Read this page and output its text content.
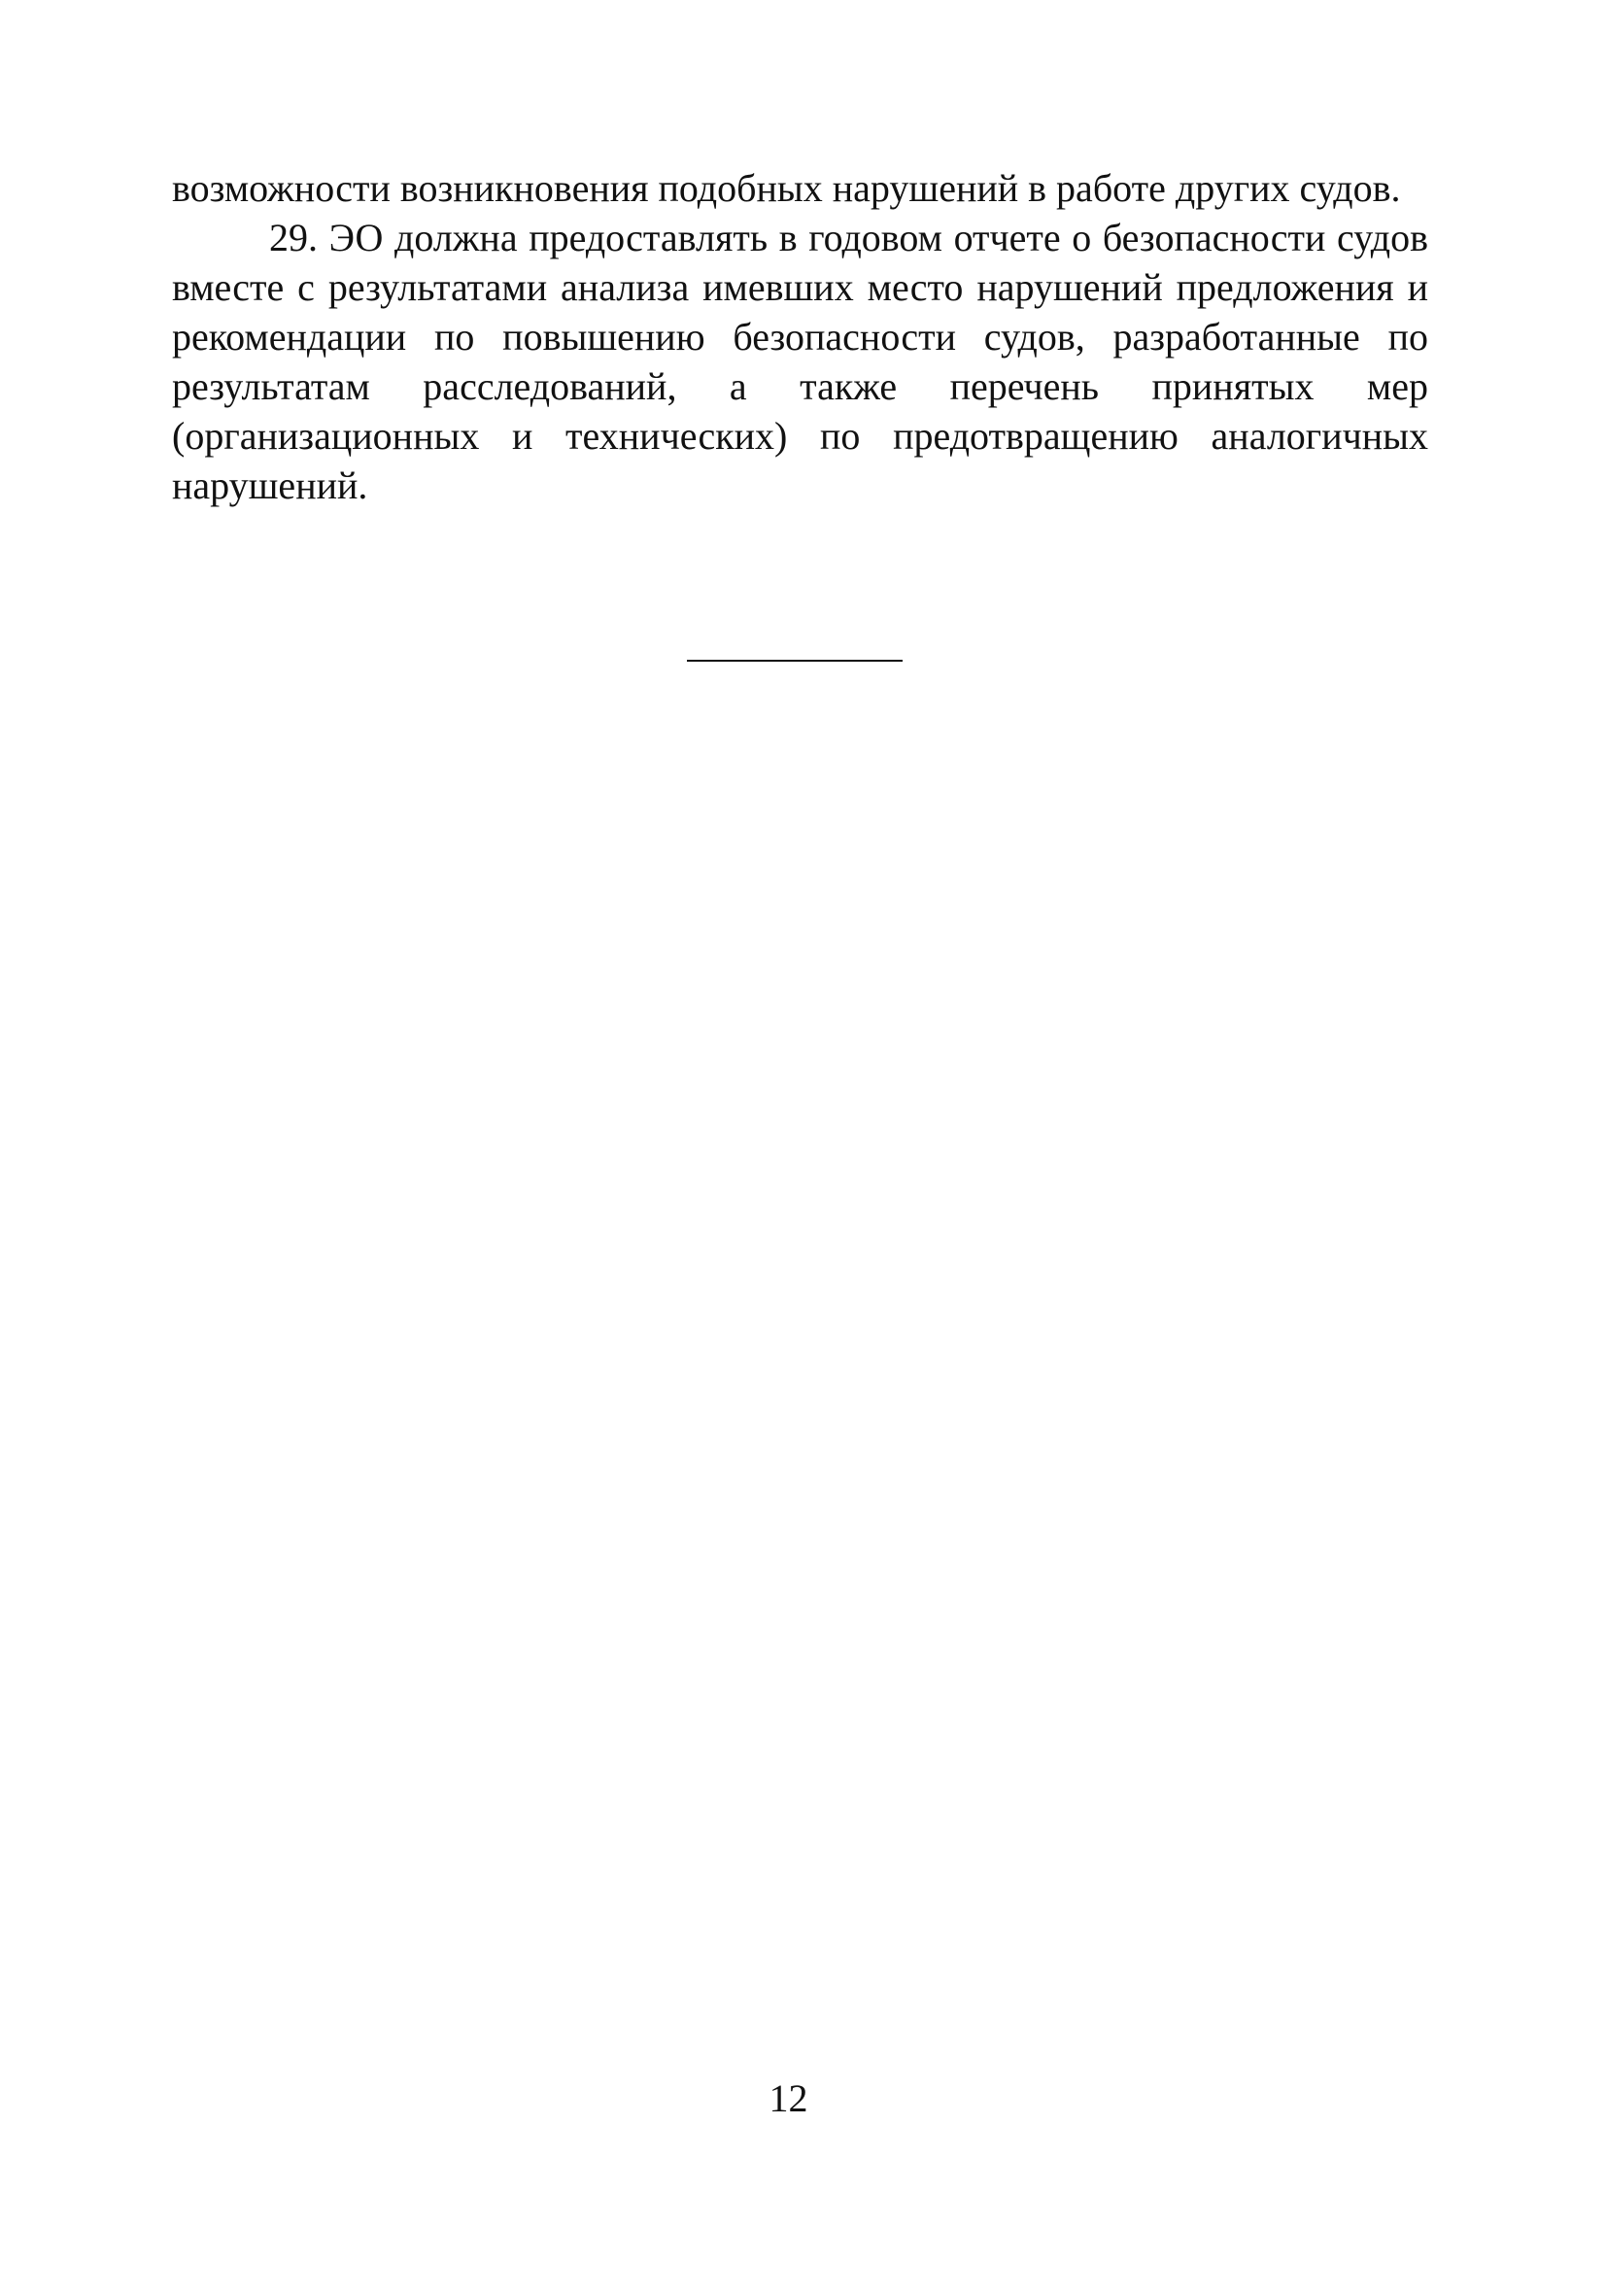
возможности возникновения подобных нарушений в работе других судов.

29. ЭО должна предоставлять в годовом отчете о безопасности судов вместе с результатами анализа имевших место нарушений предложения и рекомендации по повышению безопасности судов, разработанные по результатам расследований, а также перечень принятых мер (организационных и технических) по предотвращению аналогичных нарушений.

12
